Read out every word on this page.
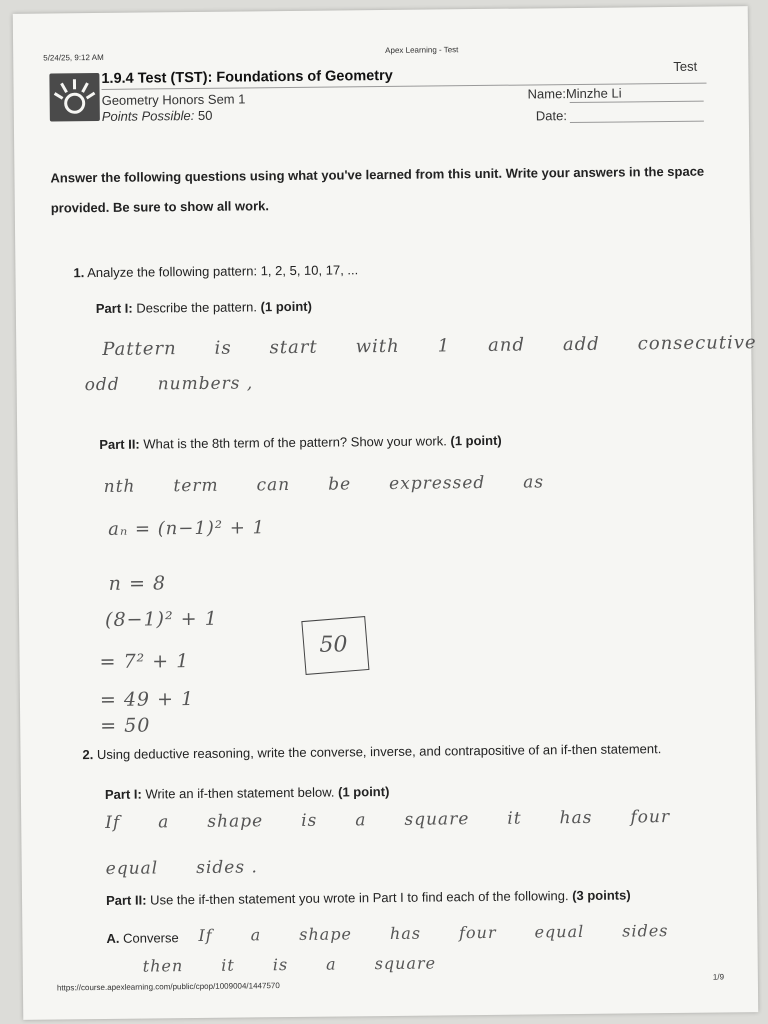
5/24/25, 9:12 AM
Apex Learning - Test
1.9.4 Test (TST): Foundations of Geometry
Test
Geometry Honors Sem 1
Points Possible: 50
Name:Minzhe Li
Date:
Answer the following questions using what you've learned from this unit. Write your answers in the space provided. Be sure to show all work.
1. Analyze the following pattern: 1, 2, 5, 10, 17, ...
Part I: Describe the pattern. (1 point)
Pattern is start with 1 and add consecutive
odd numbers ,
Part II: What is the 8th term of the pattern? Show your work. (1 point)
nth term can be expressed as
aₙ = (n−1)² + 1
n = 8
(8−1)² + 1
= 7² + 1
= 49 + 1
= 50
50
2. Using deductive reasoning, write the converse, inverse, and contrapositive of an if-then statement.
Part I: Write an if-then statement below. (1 point)
If a shape is a square it has four
equal sides .
Part II: Use the if-then statement you wrote in Part I to find each of the following. (3 points)
A. Converse If a shape has four equal sides
then it is a square
https://course.apexlearning.com/public/cpop/1009004/1447570
1/9
